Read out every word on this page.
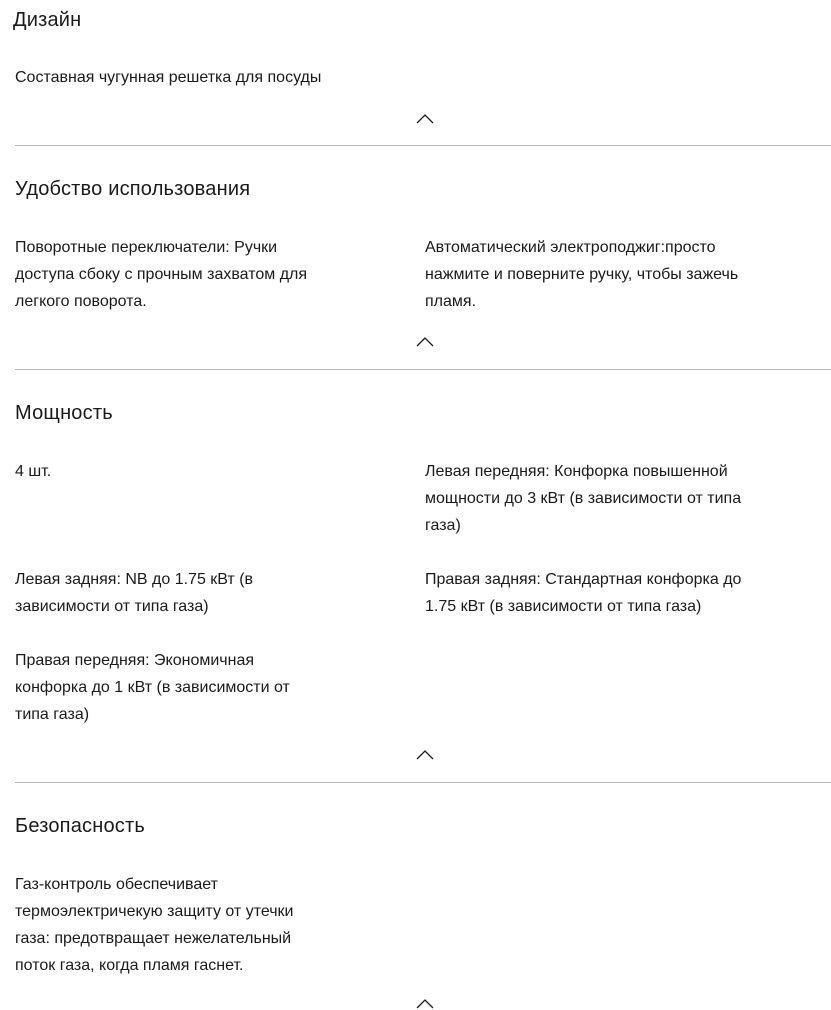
Дизайн
Составная чугунная решетка для посуды
Удобство использования
Поворотные переключатели: Ручки
доступа сбоку с прочным захватом для
легкого поворота.
Автоматический электроподжиг:просто
нажмите и поверните ручку, чтобы зажечь
пламя.
Мощность
4 шт.	Левая передняя: Конфорка повышенной
мощности до 3 кВт (в зависимости от типа
газа)
Левая задняя: NB до 1.75 кВт (в
зависимости от типа газа)
Правая задняя: Стандартная конфорка до
1.75 кВт (в зависимости от типа газа)
Правая передняя: Экономичная
конфорка до 1 кВт (в зависимости от
типа газа)
Безопасность
Газ-контроль обеспечивает
термоэлектричекую защиту от утечки
газа: предотвращает нежелательный
поток газа, когда пламя гаснет.
